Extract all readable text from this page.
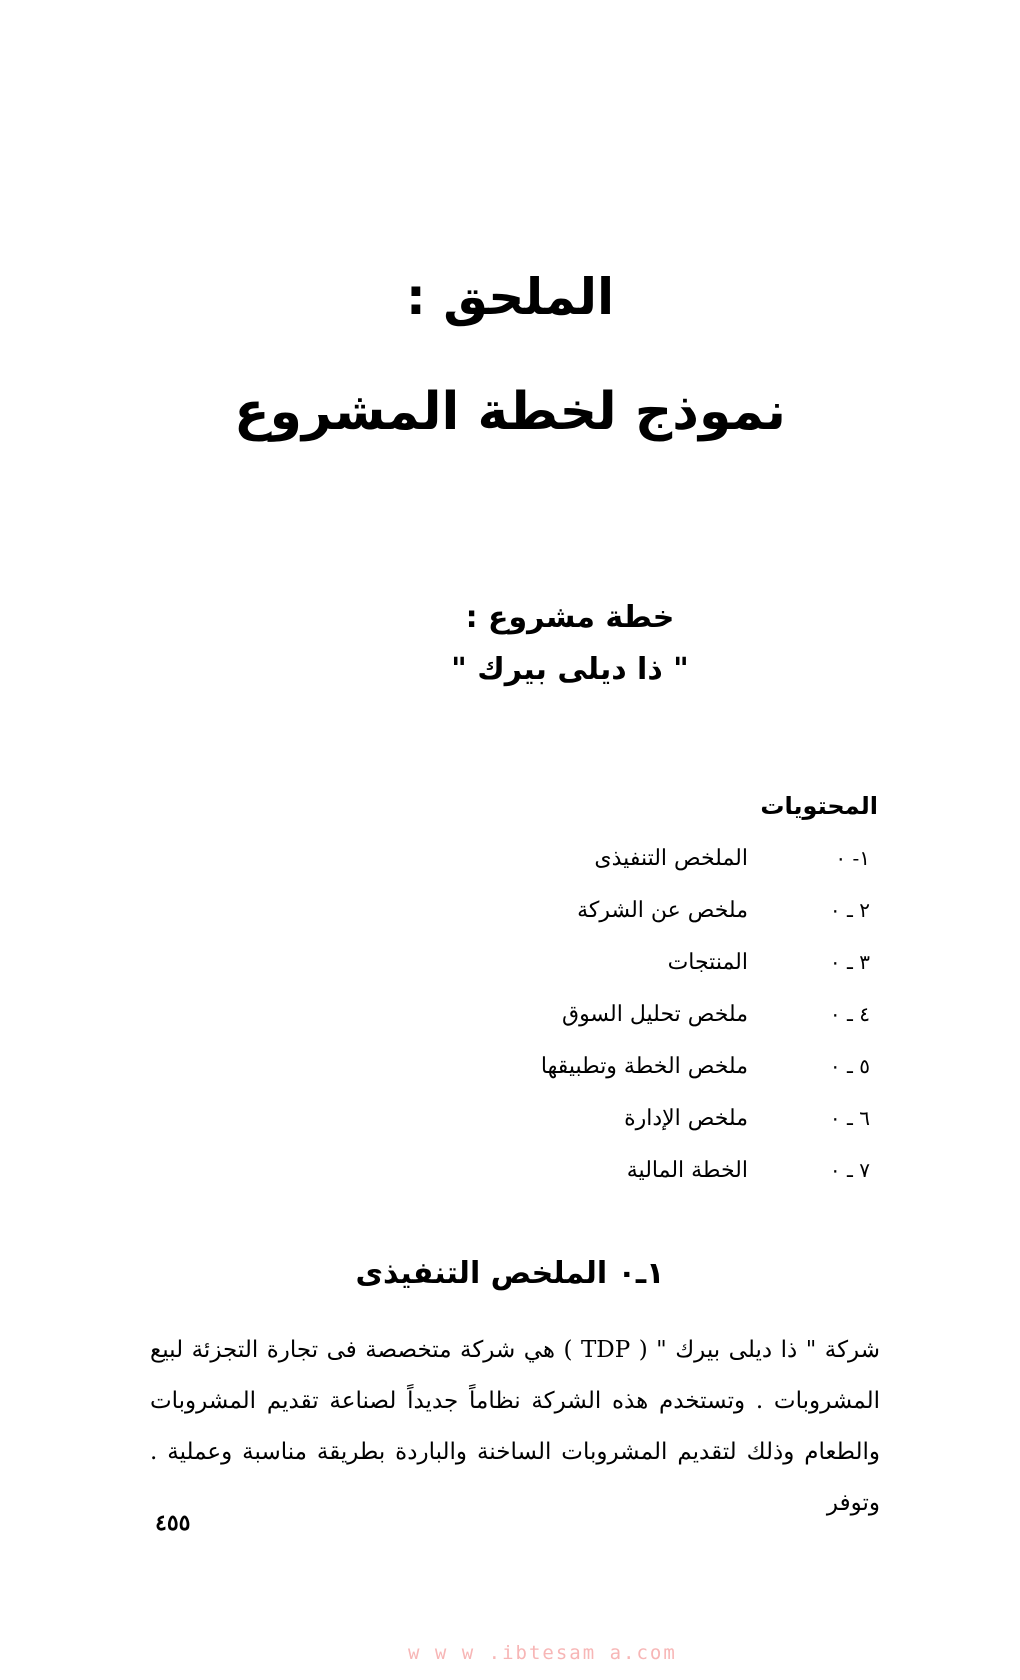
الملحق :
نموذج لخطة المشروع
خطة مشروع :
" ذا ديلى بيرك "
المحتويات
١- ٠
الملخص التنفيذى
٢ ـ ٠
ملخص عن الشركة
٣ ـ ٠
المنتجات
٤ ـ ٠
ملخص تحليل السوق
٥ ـ ٠
ملخص الخطة وتطبيقها
٦ ـ ٠
ملخص الإدارة
٧ ـ ٠
الخطة المالية
١ـ٠ الملخص التنفيذى
شركة " ذا ديلى بيرك " ( TDP ) هي شركة متخصصة فى تجارة التجزئة لبيع المشروبات . وتستخدم هذه الشركة نظاماً جديداً لصناعة تقديم المشروبات والطعام وذلك لتقديم المشروبات الساخنة والباردة بطريقة مناسبة وعملية . وتوفر
٤٥٥
w w w .ibtesam a.com
